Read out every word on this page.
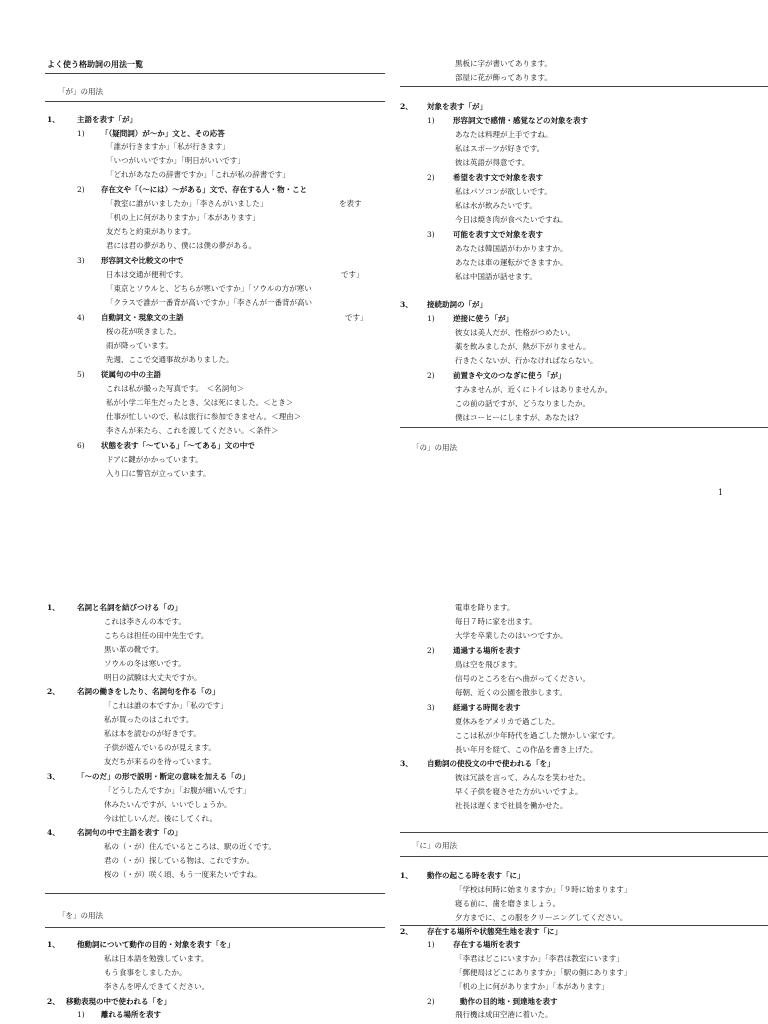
よく使う格助詞の用法一覧
「が」の用法
1、 主語を表す「が」
1) 「（疑問詞）が～か」文と、その応答
「誰が行きますか」「私が行きます」
「いつがいいですか」「明日がいいです」
「どれがあなたの辞書ですか」「これが私の辞書です」
2) 存在文や「（～には）～がある」文で、存在する人・物・こと
「教室に誰がいましたか」「李さんがいました」	を表す
「机の上に何がありますか」「本があります」
友だちと約束があります。
君には君の夢があり、僕には僕の夢がある。
3) 形容詞文や比較文の中で
日本は交通が便利です。	です」
「東京とソウルと、どちらが寒いですか」「ソウルの方が寒い
「クラスで誰が一番背が高いですか」「李さんが一番背が高い
4) 自動詞文・現象文の主語	です」
桜の花が咲きました。
雨が降っています。
先週、ここで交通事故がありました。
5) 従属句の中の主語
これは私が撮った写真です。　＜名詞句＞
私が小学二年生だったとき、父は死にました。＜とき＞
仕事が忙しいので、私は旅行に参加できません。＜理由＞
李さんが来たら、これを渡してください。＜条件＞
6) 状態を表す「～ている」「～てある」文の中で
ドアに鍵がかかっています。
入り口に警官が立っています。
黒板に字が書いてあります。
部屋に花が飾ってあります。
2、 対象を表す「が」
1) 形容詞文で感情・感覚などの対象を表す
あなたは料理が上手ですね。
私はスポーツが好きです。
彼は英語が得意です。
2) 希望を表す文で対象を表す
私はパソコンが欲しいです。
私は水が飲みたいです。
今日は焼き肉が食べたいですね。
3) 可能を表す文で対象を表す
あなたは韓国語がわかりますか。
あなたは車の運転ができますか。
私は中国語が話せます。
3、 接続助詞の「が」
1) 逆接に使う「が」
彼女は美人だが、性格がつめたい。
薬を飲みましたが、熱が下がりません。
行きたくないが、行かなければならない。
2) 前置きや文のつなぎに使う「が」
すみませんが、近くにトイレはありませんか。
この前の話ですが、どうなりましたか。
僕はコーヒーにしますが、あなたは?
「の」の用法
1
1、 名詞と名詞を結びつける「の」
これは李さんの本です。
こちらは担任の田中先生です。
黒い革の靴です。
ソウルの冬は寒いです。
明日の試験は大丈夫ですか。
2、 名詞の働きをしたり、名詞句を作る「の」
「これは誰の本ですか」「私のです」
私が買ったのはこれです。
私は本を読むのが好きです。
子供が遊んでいるのが見えます。
友だちが来るのを待っています。
3、 「～のだ」の形で説明・断定の意味を加える「の」
「どうしたんですか」「お腹が痛いんです」
休みたいんですが、いいでしょうか。
今は忙しいんだ。後にしてくれ。
4、 名詞句の中で主語を表す「の」
私の（・が）住んでいるところは、駅の近くです。
君の（・が）探している物は、これですか。
桜の（・が）咲く頃、もう一度来たいですね。
「を」の用法
1、 他動詞について動作の目的・対象を表す「を」
私は日本語を勉強しています。
もう食事をしましたか。
李さんを呼んできてください。
2、 移動表現の中で使われる「を」
1) 離れる場所を表す
電車を降ります。
毎日７時に家を出ます。
大学を卒業したのはいつですか。
2) 通過する場所を表す
鳥は空を飛びます。
信号のところを右へ曲がってください。
毎朝、近くの公園を散歩します。
3) 経過する時間を表す
夏休みをアメリカで過ごした。
ここは私が少年時代を過ごした懐かしい家です。
長い年月を経て、この作品を書き上げた。
3、 自動詞の使役文の中で使われる「を」
彼は冗談を言って、みんなを笑わせた。
早く子供を寝させた方がいいですよ。
社長は遅くまで社員を働かせた。
「に」の用法
1、 動作の起こる時を表す「に」
「学校は何時に始まりますか」「９時に始まります」
寝る前に、歯を磨きましょう。
夕方までに、この服をクリーニングしてください。
2、 存在する場所や状態発生地を表す「に」
1) 存在する場所を表す
「李君はどこにいますか」「李君は教室にいます」
「郵便局はどこにありますか」「駅の側にあります」
「机の上に何がありますか」「本があります」
2)	動作の目的地・到達地を表す
飛行機は成田空港に着いた。
